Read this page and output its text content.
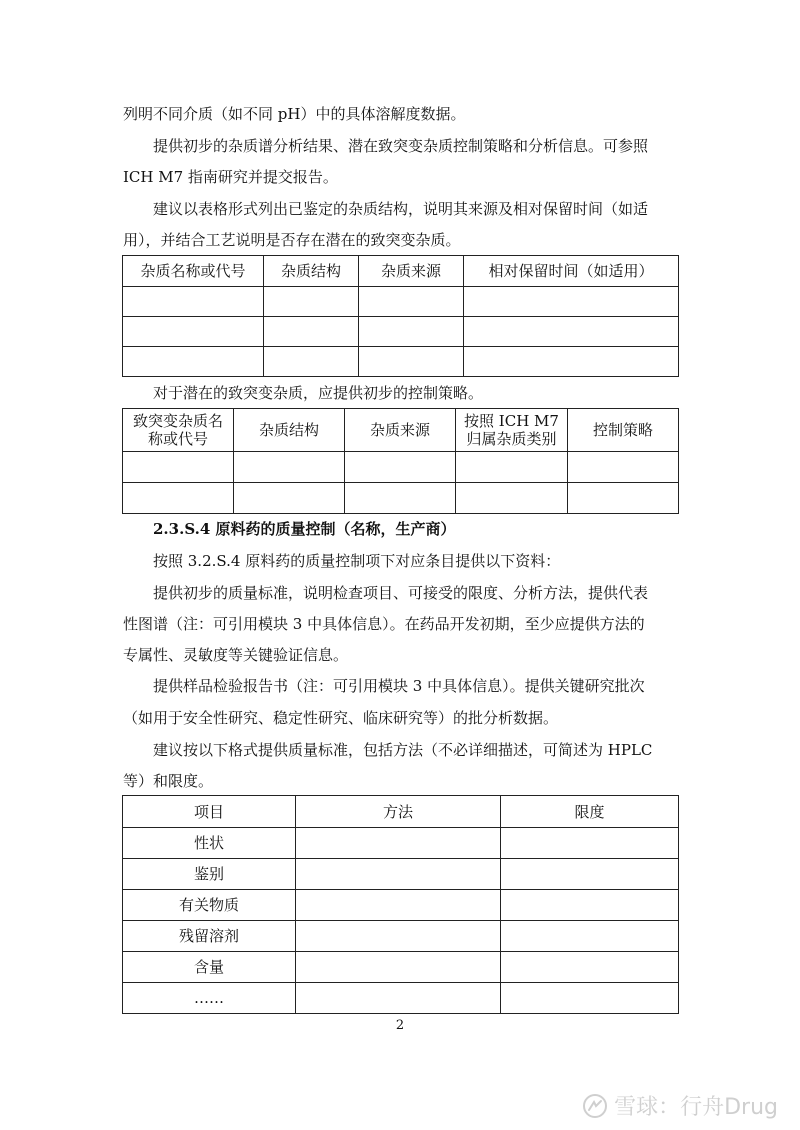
列明不同介质（如不同 pH）中的具体溶解度数据。

提供初步的杂质谱分析结果、潜在致突变杂质控制策略和分析信息。可参照

ICH M7 指南研究并提交报告。

建议以表格形式列出已鉴定的杂质结构，说明其来源及相对保留时间（如适

用），并结合工艺说明是否存在潜在的致突变杂质。

杂质名称或代号	杂质结构	杂质来源	相对保留时间（如适用）

对于潜在的致突变杂质，应提供初步的控制策略。

致突变杂质名
称或代号	杂质结构	杂质来源	按照 ICH M7
归属杂质类别	控制策略

2.3.S.4 原料药的质量控制（名称，生产商）

按照 3.2.S.4 原料药的质量控制项下对应条目提供以下资料：

提供初步的质量标准，说明检查项目、可接受的限度、分析方法，提供代表

性图谱（注：可引用模块 3 中具体信息）。在药品开发初期，至少应提供方法的

专属性、灵敏度等关键验证信息。

提供样品检验报告书（注：可引用模块 3 中具体信息）。提供关键研究批次

（如用于安全性研究、稳定性研究、临床研究等）的批分析数据。

建议按以下格式提供质量标准，包括方法（不必详细描述，可简述为 HPLC

等）和限度。

项目	方法	限度
性状		
鉴别		
有关物质		
残留溶剂		
含量		
……		
2
雪球：行舟Drug
